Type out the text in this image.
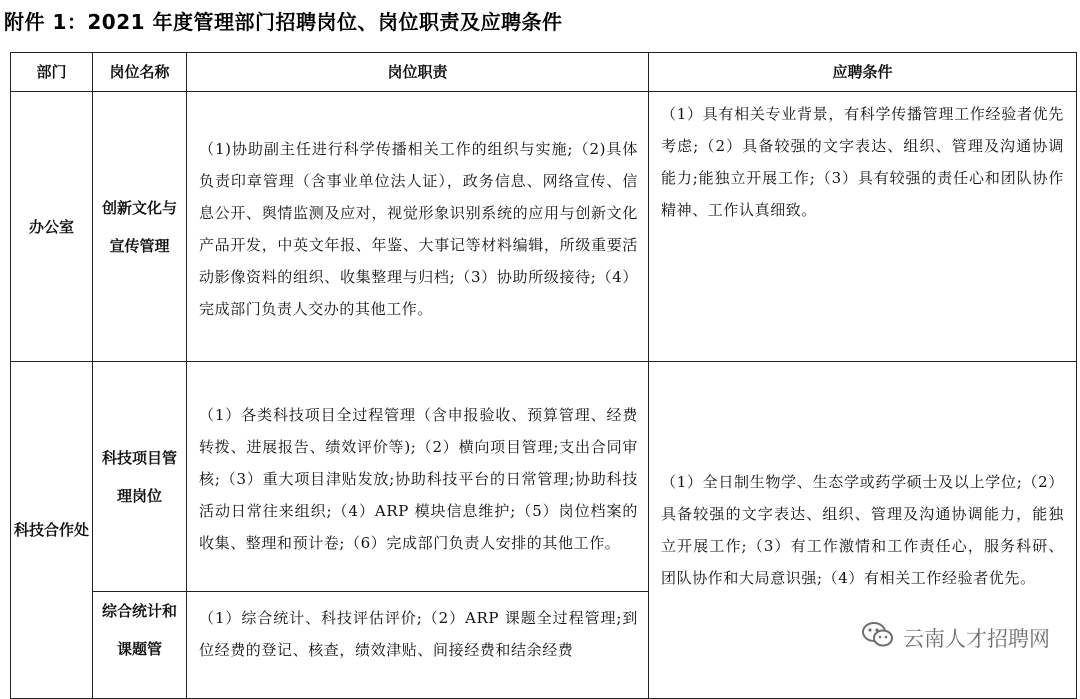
附件 1：2021 年度管理部门招聘岗位、岗位职责及应聘条件
部门	岗位名称	岗位职责	应聘条件
办公室	创新文化与宣传管理	（1)协助副主任进行科学传播相关工作的组织与实施;（2)具体负责印章管理（含事业单位法人证），政务信息、网络宣传、信息公开、舆情监测及应对，视觉形象识别系统的应用与创新文化产品开发，中英文年报、年鉴、大事记等材料编辑，所级重要活动影像资料的组织、收集整理与归档;（3）协助所级接待;（4）完成部门负责人交办的其他工作。	（1）具有相关专业背景，有科学传播管理工作经验者优先考虑;（2）具备较强的文字表达、组织、管理及沟通协调能力;能独立开展工作;（3）具有较强的责任心和团队协作精神、工作认真细致。
科技合作处	科技项目管理岗位	（1）各类科技项目全过程管理（含申报验收、预算管理、经费转拨、进展报告、绩效评价等);（2）横向项目管理;支出合同审核;（3）重大项目津贴发放;协助科技平台的日常管理;协助科技活动日常往来组织;（4）ARP 模块信息维护;（5）岗位档案的收集、整理和预计卷;（6）完成部门负责人安排的其他工作。	（1）全日制生物学、生态学或药学硕士及以上学位;（2）具备较强的文字表达、组织、管理及沟通协调能力，能独立开展工作;（3）有工作激情和工作责任心，服务科研、团队协作和大局意识强;（4）有相关工作经验者优先。

	综合统计和课题管	（1）综合统计、科技评估评价;（2）ARP 课题全过程管理;到位经费的登记、核查，绩效津贴、间接经费和结余经费		云南人才招聘网
